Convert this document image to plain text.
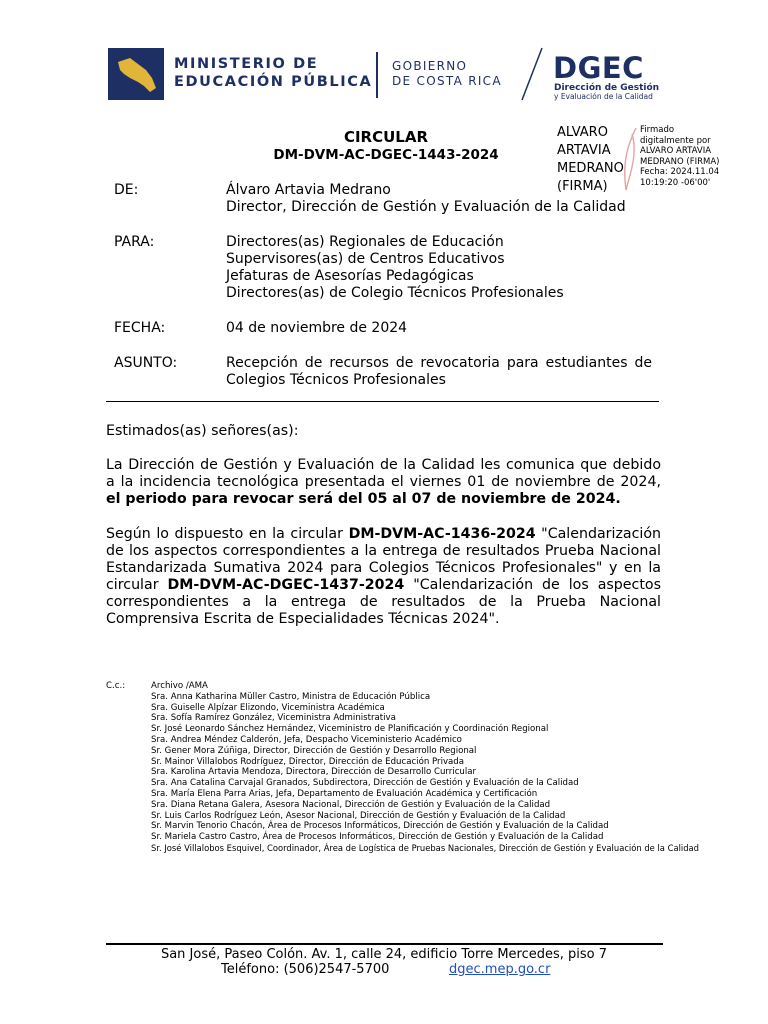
MINISTERIO DE
EDUCACIÓN PÚBLICA
GOBIERNO
DE COSTA RICA DGEC
Dirección de Gestión
y Evaluación de la Calidad
ALVARO
ARTAVIA
MEDRANO
(FIRMA)
Firmado
digitalmente por
ALVARO ARTAVIA
MEDRANO (FIRMA)
Fecha: 2024.11.04
10:19:20 -06'00'
CIRCULAR
DM-DVM-AC-DGEC-1443-2024
DE:	Álvaro Artavia Medrano
Director, Dirección de Gestión y Evaluación de la Calidad
PARA:	Directores(as) Regionales de Educación
Supervisores(as) de Centros Educativos
Jefaturas de Asesorías Pedagógicas
Directores(as) de Colegio Técnicos Profesionales
FECHA:	04 de noviembre de 2024
ASUNTO:	Recepción de recursos de revocatoria para estudiantes de Colegios Técnicos Profesionales
Estimados(as) señores(as):
La Dirección de Gestión y Evaluación de la Calidad les comunica que debido a la incidencia tecnológica presentada el viernes 01 de noviembre de 2024, el periodo para revocar será del 05 al 07 de noviembre de 2024.
Según lo dispuesto en la circular DM-DVM-AC-1436-2024 "Calendarización de los aspectos correspondientes a la entrega de resultados Prueba Nacional Estandarizada Sumativa 2024 para Colegios Técnicos Profesionales" y en la circular DM-DVM-AC-DGEC-1437-2024 "Calendarización de los aspectos correspondientes a la entrega de resultados de la Prueba Nacional Comprensiva Escrita de Especialidades Técnicas 2024".
C.c.:	Archivo /AMA
Sra. Anna Katharina Müller Castro, Ministra de Educación Pública
Sra. Guiselle Alpízar Elizondo, Viceministra Académica
Sra. Sofía Ramírez González, Viceministra Administrativa
Sr. José Leonardo Sánchez Hernández, Viceministro de Planificación y Coordinación Regional
Sra. Andrea Méndez Calderón, Jefa, Despacho Viceministerio Académico
Sr. Gener Mora Zúñiga, Director, Dirección de Gestión y Desarrollo Regional
Sr. Mainor Villalobos Rodríguez, Director, Dirección de Educación Privada
Sra. Karolina Artavia Mendoza, Directora, Dirección de Desarrollo Curricular
Sra. Ana Catalina Carvajal Granados, Subdirectora, Dirección de Gestión y Evaluación de la Calidad
Sra. María Elena Parra Arias, Jefa, Departamento de Evaluación Académica y Certificación
Sra. Diana Retana Galera, Asesora Nacional, Dirección de Gestión y Evaluación de la Calidad
Sr. Luis Carlos Rodríguez León, Asesor Nacional, Dirección de Gestión y Evaluación de la Calidad
Sr. Marvin Tenorio Chacón, Área de Procesos Informáticos, Dirección de Gestión y Evaluación de la Calidad
Sr. Mariela Castro Castro, Área de Procesos Informáticos, Dirección de Gestión y Evaluación de la Calidad
Sr. José Villalobos Esquivel, Coordinador, Área de Logística de Pruebas Nacionales, Dirección de Gestión y Evaluación de la Calidad
San José, Paseo Colón. Av. 1, calle 24, edificio Torre Mercedes, piso 7
Teléfono: (506)2547-5700	dgec.mep.go.cr
